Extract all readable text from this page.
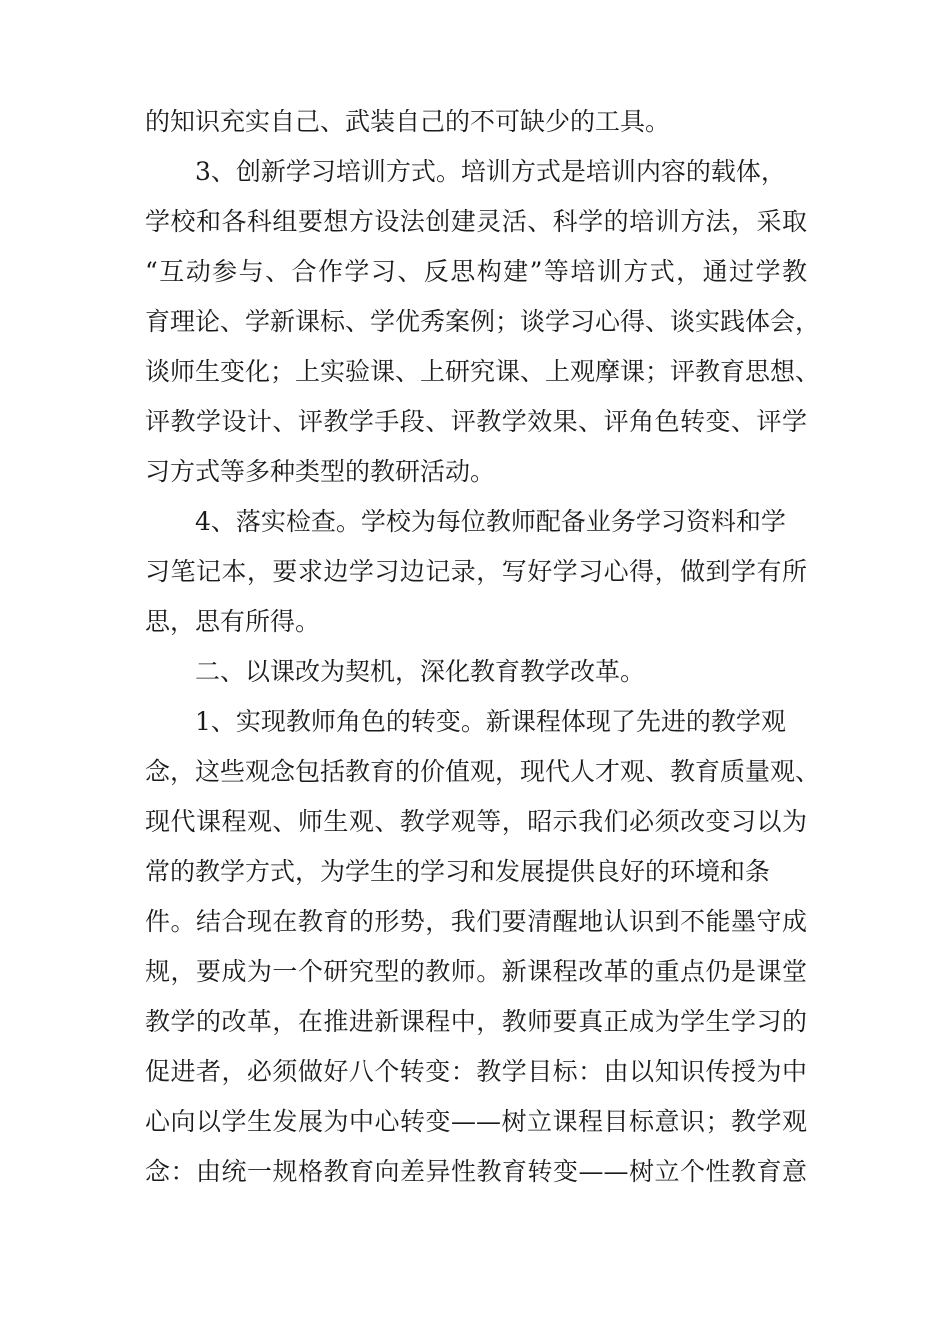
的知识充实自己、武装自己的不可缺少的工具。
　　3、创新学习培训方式。培训方式是培训内容的载体，
学校和各科组要想方设法创建灵活、科学的培训方法，采取
“互动参与、合作学习、反思构建”等培训方式，通过学教
育理论、学新课标、学优秀案例；谈学习心得、谈实践体会，
谈师生变化；上实验课、上研究课、上观摩课；评教育思想、
评教学设计、评教学手段、评教学效果、评角色转变、评学
习方式等多种类型的教研活动。
　　4、落实检查。学校为每位教师配备业务学习资料和学
习笔记本，要求边学习边记录，写好学习心得，做到学有所
思，思有所得。
　　二、以课改为契机，深化教育教学改革。
　　1、实现教师角色的转变。新课程体现了先进的教学观
念，这些观念包括教育的价值观，现代人才观、教育质量观、
现代课程观、师生观、教学观等，昭示我们必须改变习以为
常的教学方式，为学生的学习和发展提供良好的环境和条
件。结合现在教育的形势，我们要清醒地认识到不能墨守成
规，要成为一个研究型的教师。新课程改革的重点仍是课堂
教学的改革，在推进新课程中，教师要真正成为学生学习的
促进者，必须做好八个转变：教学目标：由以知识传授为中
心向以学生发展为中心转变——树立课程目标意识；教学观
念：由统一规格教育向差异性教育转变——树立个性教育意
